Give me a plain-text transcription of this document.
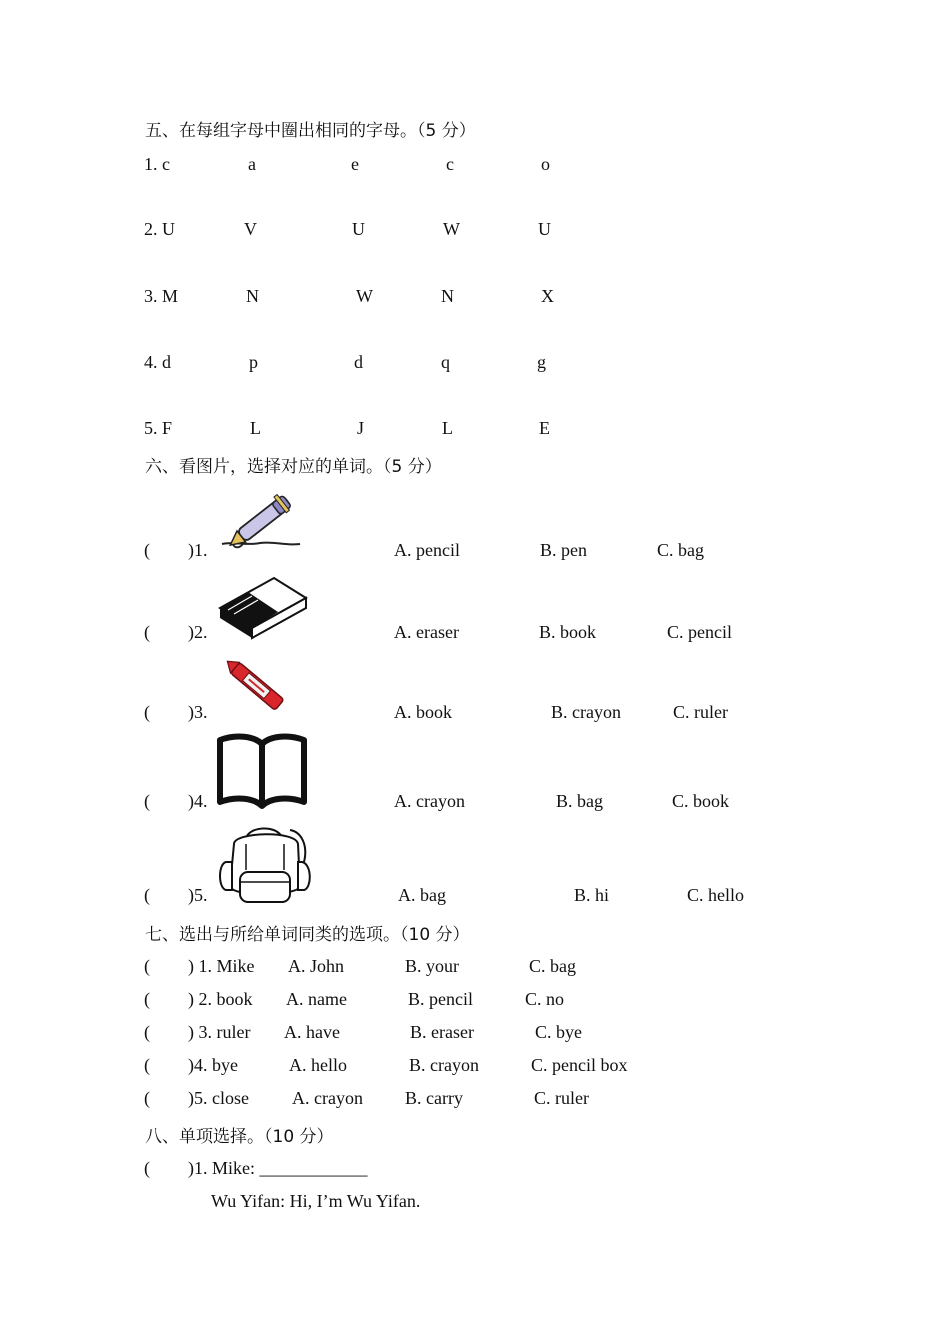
五、在每组字母中圈出相同的字母。（5 分）
1. c	a	e	c	o
2. U	V	U	W	U
3. M	N	W	N	X
4. d	p	d	q	g
5. F	L	J	L	E
六、看图片，选择对应的单词。（5 分）
( )1.	A. pencil	B. pen	C. bag
( )2.	A. eraser	B. book	C. pencil
( )3.	A. book	B. crayon	C. ruler
( )4.	A. crayon	B. bag	C. book
( )5.	A. bag	B. hi	C. hello
七、选出与所给单词同类的选项。（10 分）
( ) 1. Mike A. John	B. your	C. bag
( ) 2. book A. name	B. pencil	C. no
( ) 3. ruler A. have	B. eraser	C. bye
( )4. bye	A. hello	B. crayon	C. pencil box
( )5. close A. crayon B. carry	C. ruler
八、单项选择。（10 分）
( )1. Mike: ____________
Wu Yifan: Hi, I’m Wu Yifan.
